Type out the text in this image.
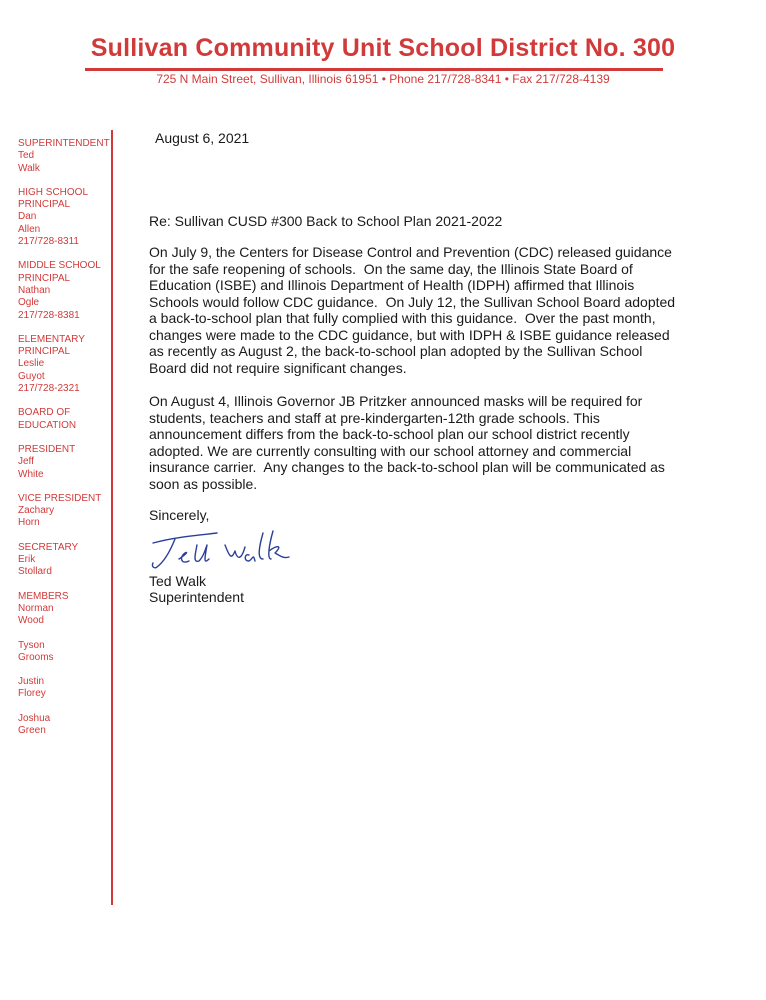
Sullivan Community Unit School District No. 300
725 N Main Street, Sullivan, Illinois 61951 • Phone 217/728-8341 • Fax 217/728-4139
SUPERINTENDENT
Ted
Walk
HIGH SCHOOL
PRINCIPAL
Dan
Allen
217/728-8311
MIDDLE SCHOOL
PRINCIPAL
Nathan
Ogle
217/728-8381
ELEMENTARY
PRINCIPAL
Leslie
Guyot
217/728-2321
BOARD OF
EDUCATION
PRESIDENT
Jeff
White
VICE PRESIDENT
Zachary
Horn
SECRETARY
Erik
Stollard
MEMBERS
Norman
Wood
Tyson
Grooms
Justin
Florey
Joshua
Green
August 6, 2021
Re: Sullivan CUSD #300 Back to School Plan 2021-2022
On July 9, the Centers for Disease Control and Prevention (CDC) released guidance
for the safe reopening of schools.  On the same day, the Illinois State Board of
Education (ISBE) and Illinois Department of Health (IDPH) affirmed that Illinois
Schools would follow CDC guidance.  On July 12, the Sullivan School Board adopted
a back-to-school plan that fully complied with this guidance.  Over the past month,
changes were made to the CDC guidance, but with IDPH & ISBE guidance released
as recently as August 2, the back-to-school plan adopted by the Sullivan School
Board did not require significant changes.
On August 4, Illinois Governor JB Pritzker announced masks will be required for
students, teachers and staff at pre-kindergarten-12th grade schools. This
announcement differs from the back-to-school plan our school district recently
adopted. We are currently consulting with our school attorney and commercial
insurance carrier.  Any changes to the back-to-school plan will be communicated as
soon as possible.
Sincerely,
Ted Walk
Superintendent
